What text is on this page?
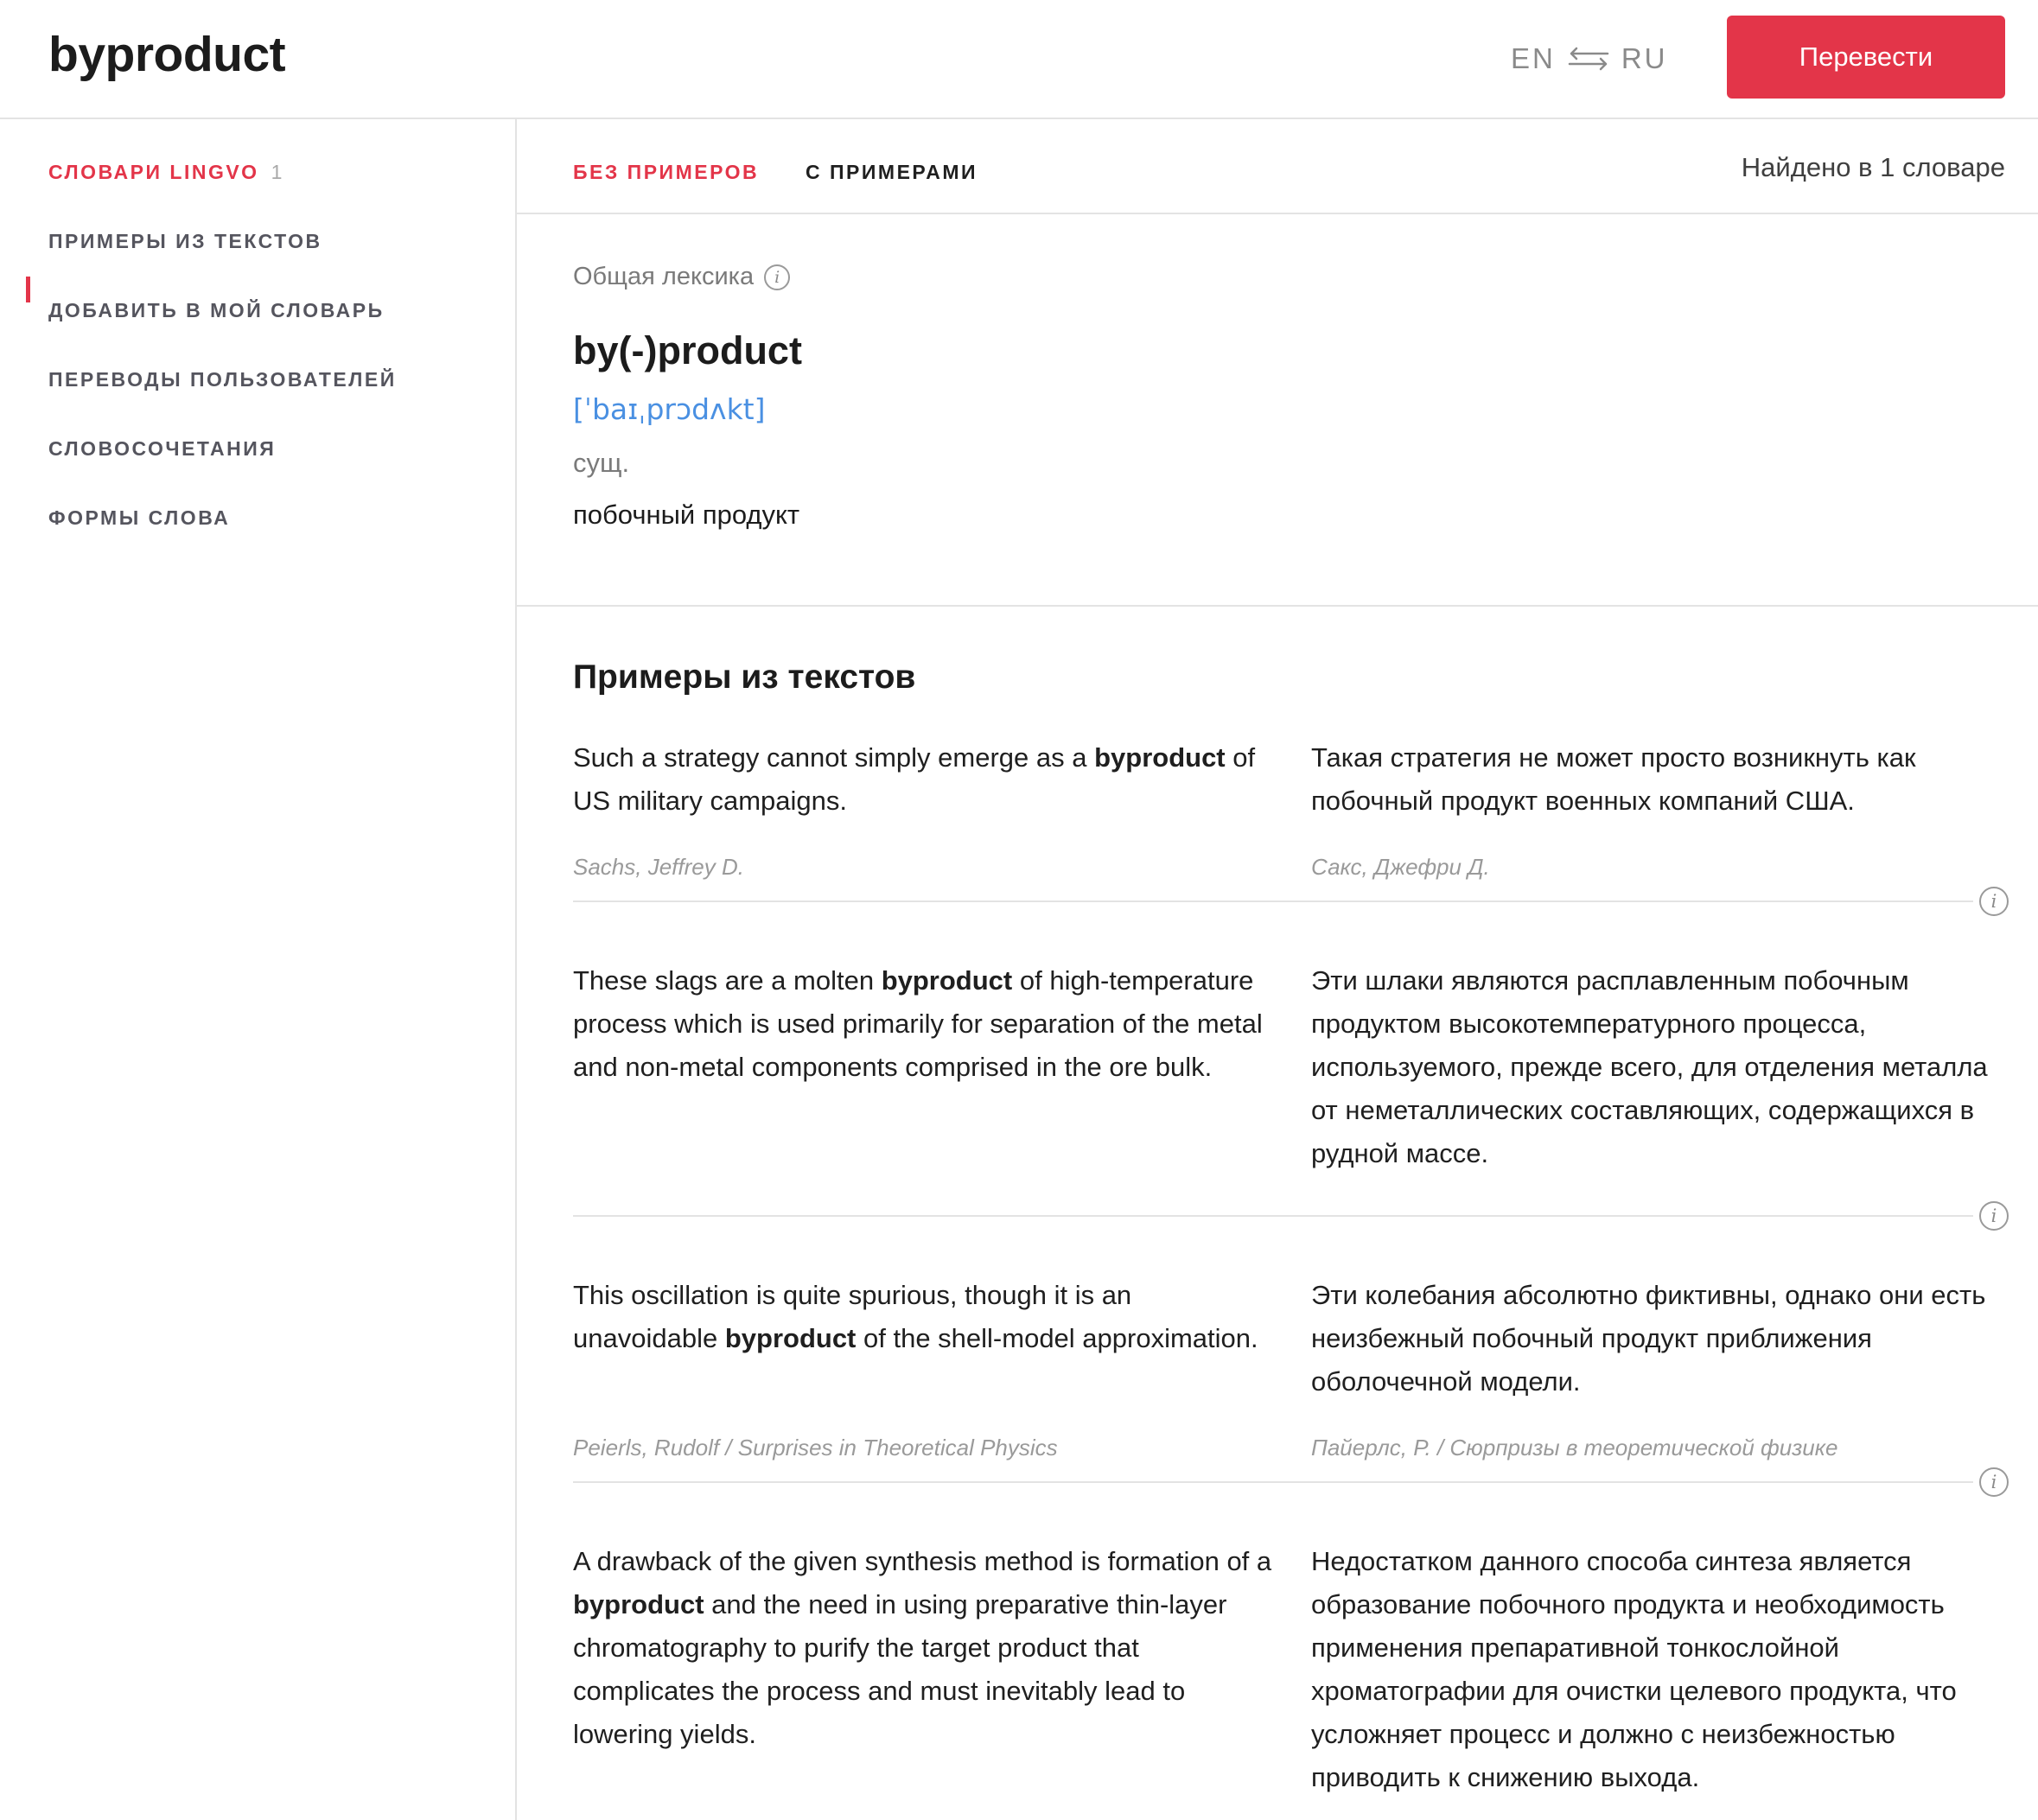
byproduct	EN RU	Перевести
СЛОВАРИ LINGVO 1
ПРИМЕРЫ ИЗ ТЕКСТОВ
ДОБАВИТЬ В МОЙ СЛОВАРЬ
ПЕРЕВОДЫ ПОЛЬЗОВАТЕЛЕЙ
СЛОВОСОЧЕТАНИЯ
ФОРМЫ СЛОВА
БЕЗ ПРИМЕРОВ С ПРИМЕРАМИ	Найдено в 1 словаре
Общая лексика	i
by(-)product
[ˈbaɪˌprɔdʌkt]
сущ.
побочный продукт
Примеры из текстов
Such a strategy cannot simply emerge as a byproduct of US military campaigns.
Такая стратегия не может просто возникнуть как побочный продукт военных компаний США.
Sachs, Jeffrey D.	Сакс, Джефри Д.
i
These slags are a molten byproduct of high-temperature process which is used primarily for separation of the metal and non-metal components comprised in the ore bulk.
Эти шлаки являются расплавленным побочным продуктом высокотемпературного процесса, используемого, прежде всего, для отделения металла от неметаллических составляющих, содержащихся в рудной массе.
i
This oscillation is quite spurious, though it is an unavoidable byproduct of the shell-model approximation.
Эти колебания абсолютно фиктивны, однако они есть неизбежный побочный продукт приближения оболочечной модели.
Peierls, Rudolf / Surprises in Theoretical Physics	Пайерлс, Р. / Сюрпризы в теоретической физике
i
A drawback of the given synthesis method is formation of a byproduct and the need in using preparative thin-layer chromatography to purify the target product that complicates the process and must inevitably lead to lowering yields.
Недостатком данного способа синтеза является образование побочного продукта и необходимость применения препаративной тонкослойной хроматографии для очистки целевого продукта, что усложняет процесс и должно с неизбежностью приводить к снижению выхода.
